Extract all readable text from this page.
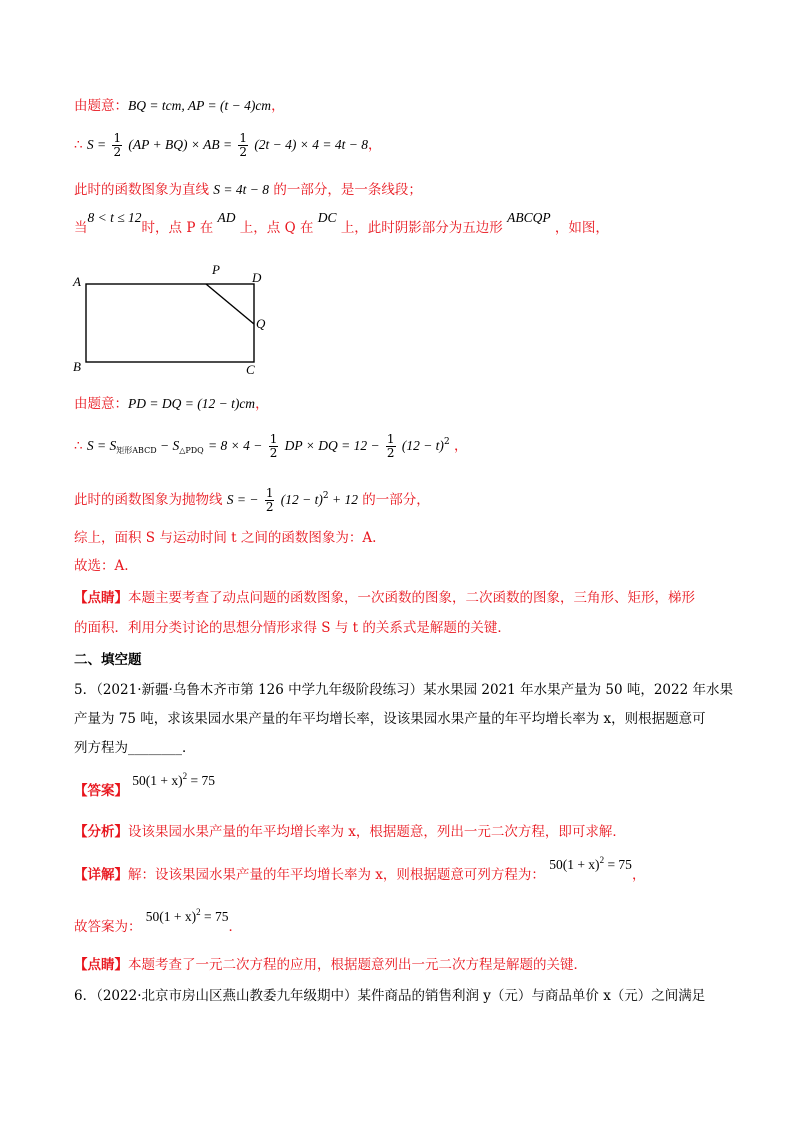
由题意：BQ = tcm, AP = (t − 4)cm，
∴ $S = \frac{1}{2} (AP + BQ)$ × AB = $\frac{1}{2} (2t - 4) \times 4 = 4t - 8$，
此时的函数图象为直线 S = 4t − 8 的一部分，是一条线段；
当8 < t ≤ 12时，点 P 在 AD 上，点 Q 在 DC 上，此时阴影部分为五边形 ABCQP ，如图，
A
B	C
D
P
Q
由题意：PD = DQ = (12 − t)cm，
∴ $S = S_{矩形ABCD} - S_{\triangle PDQ} = 8 \times 4 - \frac{1}{2}$ DP × DQ = $12 - \frac{1}{2} (12 - t)^2$ ，
此时的函数图象为抛物线 S = − $\frac{1}{2} (12 - t)^2 + 12$ 的一部分，
综上，面积 S 与运动时间 t 之间的函数图象为：A.
故选：A.
【点睛】本题主要考查了动点问题的函数图象，一次函数的图象，二次函数的图象，三角形、矩形，梯形
的面积．利用分类讨论的思想分情形求得 S 与 t 的关系式是解题的关键．
二、填空题
5．（2021·新疆·乌鲁木齐市第 126 中学九年级阶段练习）某水果园 2021 年水果产量为 50 吨，2022 年水果
产量为 75 吨，求该果园水果产量的年平均增长率，设该果园水果产量的年平均增长率为 x，则根据题意可
列方程为________．
【答案】 $50(1 + x)^2 = 75$
【分析】设该果园水果产量的年平均增长率为 x，根据题意，列出一元二次方程，即可求解．
【详解】解：设该果园水果产量的年平均增长率为 x，则根据题意可列方程为： $50(1 + x)^2 = 75$，
故答案为： $50(1 + x)^2 = 75$．
【点睛】本题考查了一元二次方程的应用，根据题意列出一元二次方程是解题的关键．
6．（2022·北京市房山区燕山教委九年级期中）某件商品的销售利润 y（元）与商品单价 x（元）之间满足
